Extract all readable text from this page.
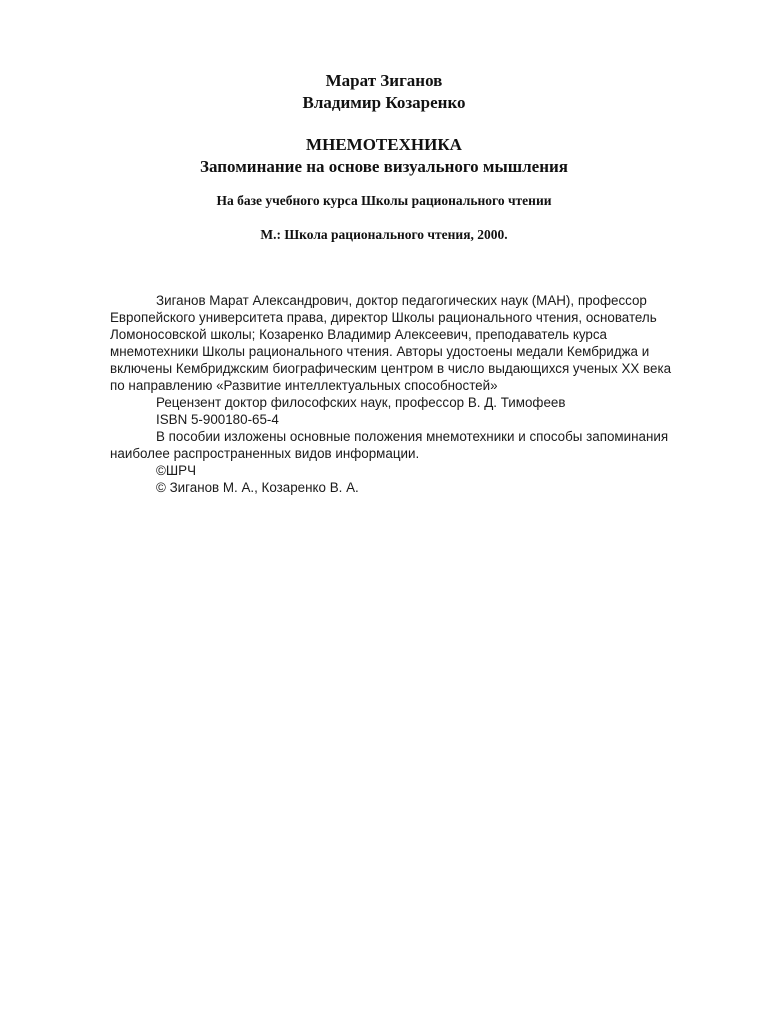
Марат Зиганов
Владимир Козаренко
МНЕМОТЕХНИКА
Запоминание на основе визуального мышления
На базе учебного курса Школы рационального чтении
М.: Школа рационального чтения, 2000.
Зиганов Марат Александрович, доктор педагогических наук (МАН), профессор
Европейского университета права, директор Школы рационального чтения, основатель
Ломоносовской школы; Козаренко Владимир Алексеевич, преподаватель курса
мнемотехники Школы рационального чтения. Авторы удостоены медали Кембриджа и
включены Кембриджским биографическим центром в число выдающихся ученых XX века
по направлению «Развитие интеллектуальных способностей»
Рецензент доктор философских наук, профессор В. Д. Тимофеев
ISBN 5-900180-65-4
В пособии изложены основные положения мнемотехники и способы запоминания
наиболее распространенных видов информации.
©ШРЧ
© Зиганов М. А., Козаренко В. А.
